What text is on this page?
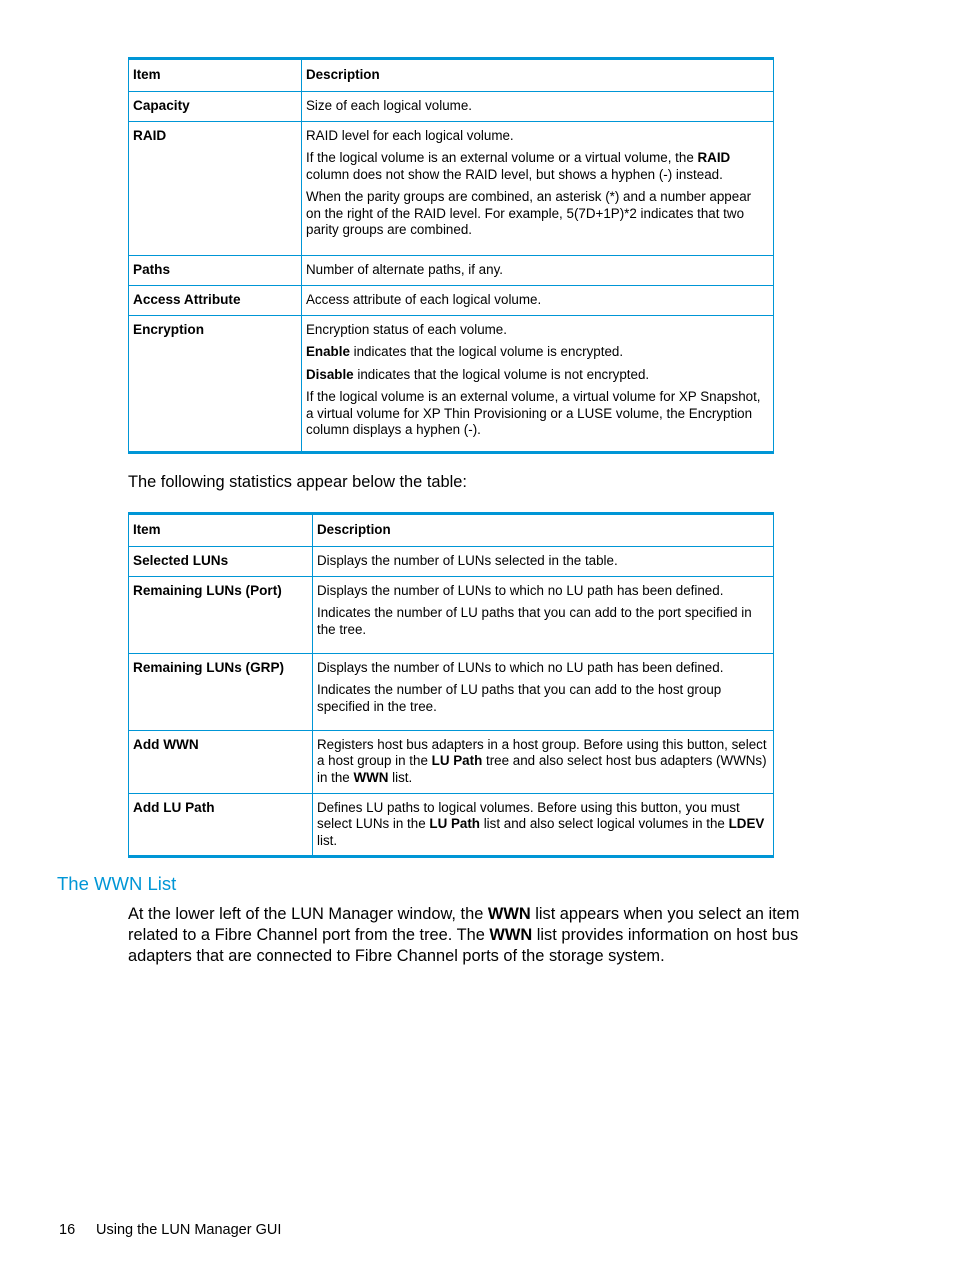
Item	Description
Capacity	Size of each logical volume.

RAID	RAID level for each logical volume.

If the logical volume is an external volume or a virtual volume, the RAID column does not show the RAID level, but shows a hyphen (-) instead.

When the parity groups are combined, an asterisk (*) and a number appear on the right of the RAID level. For example, 5(7D+1P)*2 indicates that two parity groups are combined.

Paths	Number of alternate paths, if any.

Access Attribute	Access attribute of each logical volume.

Encryption	Encryption status of each volume.

Enable indicates that the logical volume is encrypted.

Disable indicates that the logical volume is not encrypted.

If the logical volume is an external volume, a virtual volume for XP Snapshot, a virtual volume for XP Thin Provisioning or a LUSE volume, the Encryption column displays a hyphen (-).

The following statistics appear below the table:
Item	Description
Selected LUNs	Displays the number of LUNs selected in the table.

Remaining LUNs (Port)	Displays the number of LUNs to which no LU path has been defined.

Indicates the number of LU paths that you can add to the port specified in the tree.

Remaining LUNs (GRP)	Displays the number of LUNs to which no LU path has been defined.

Indicates the number of LU paths that you can add to the host group specified in the tree.

Add WWN	Registers host bus adapters in a host group. Before using this button, select a host group in the LU Path tree and also select host bus adapters (WWNs) in the WWN list.

Add LU Path	Defines LU paths to logical volumes. Before using this button, you must select LUNs in the LU Path list and also select logical volumes in the LDEV list.

The WWN List
At the lower left of the LUN Manager window, the WWN list appears when you select an item related to a Fibre Channel port from the tree. The WWN list provides information on host bus adapters that are connected to Fibre Channel ports of the storage system.
16 Using the LUN Manager GUI
